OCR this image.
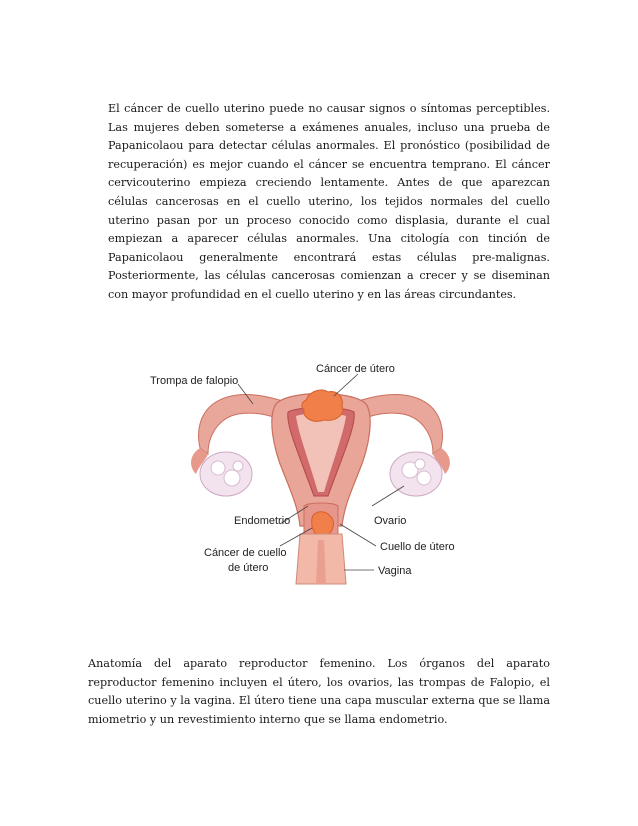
El cáncer de cuello uterino puede no causar signos o síntomas perceptibles. Las mujeres deben someterse a exámenes anuales, incluso una prueba de Papanicolaou para detectar células anormales. El pronóstico (posibilidad de recuperación) es mejor cuando el cáncer se encuentra temprano. El cáncer cervicouterino empieza creciendo lentamente. Antes de que aparezcan células cancerosas en el cuello uterino, los tejidos normales del cuello uterino pasan por un proceso conocido como displasia, durante el cual empiezan a aparecer células anormales. Una citología con tinción de Papanicolaou generalmente encontrará estas células pre-malignas. Posteriormente, las células cancerosas comienzan a crecer y se diseminan con mayor profundidad en el cuello uterino y en las áreas circundantes.

Trompa de falopio
Cáncer de útero
Endometrio	Ovario
Cáncer de cuello
de útero
Cuello de útero
Vagina

Anatomía del aparato reproductor femenino. Los órganos del aparato reproductor femenino incluyen el útero, los ovarios, las trompas de Falopio, el cuello uterino y la vagina. El útero tiene una capa muscular externa que se llama miometrio y un revestimiento interno que se llama endometrio.
